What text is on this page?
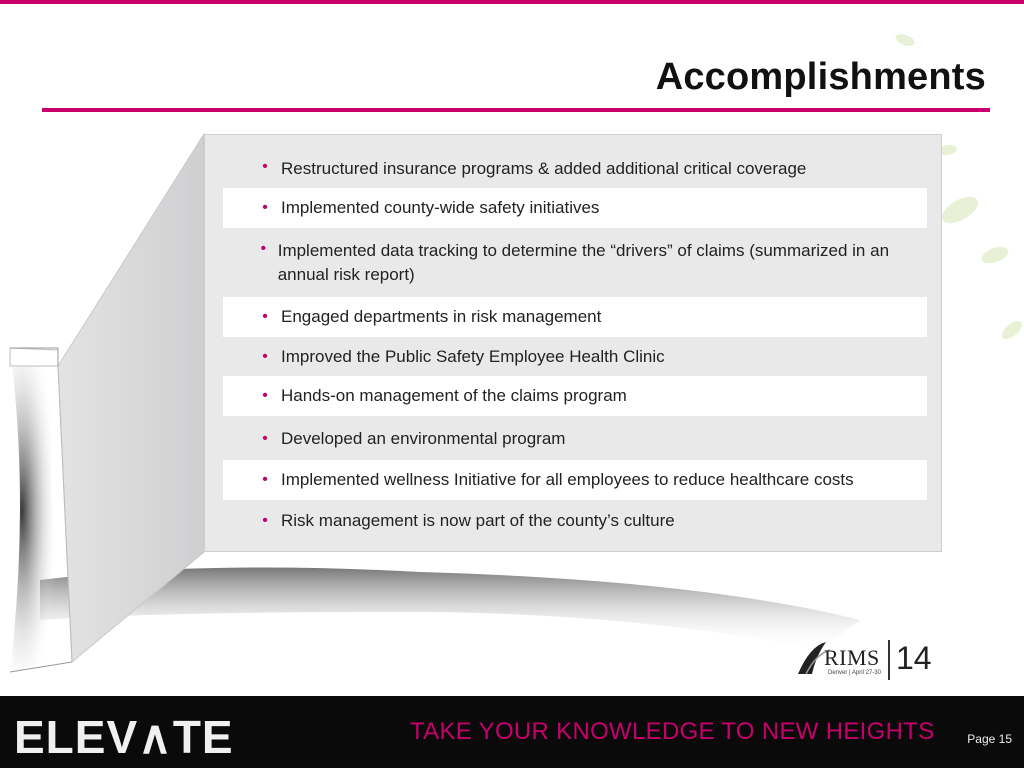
Accomplishments
• Restructured insurance programs & added additional critical coverage
• Implemented county-wide safety initiatives
• Implemented data tracking to determine the “drivers” of claims (summarized in an annual risk report)
• Engaged departments in risk management
• Improved the Public Safety Employee Health Clinic
• Hands-on management of the claims program
• Developed an environmental program
• Implemented wellness Initiative for all employees to reduce healthcare costs
• Risk management is now part of the county’s culture
RIMS
Denver | April 27-30 14
ELEV∧TE	TAKE YOUR KNOWLEDGE TO NEW HEIGHTS	Page 15
